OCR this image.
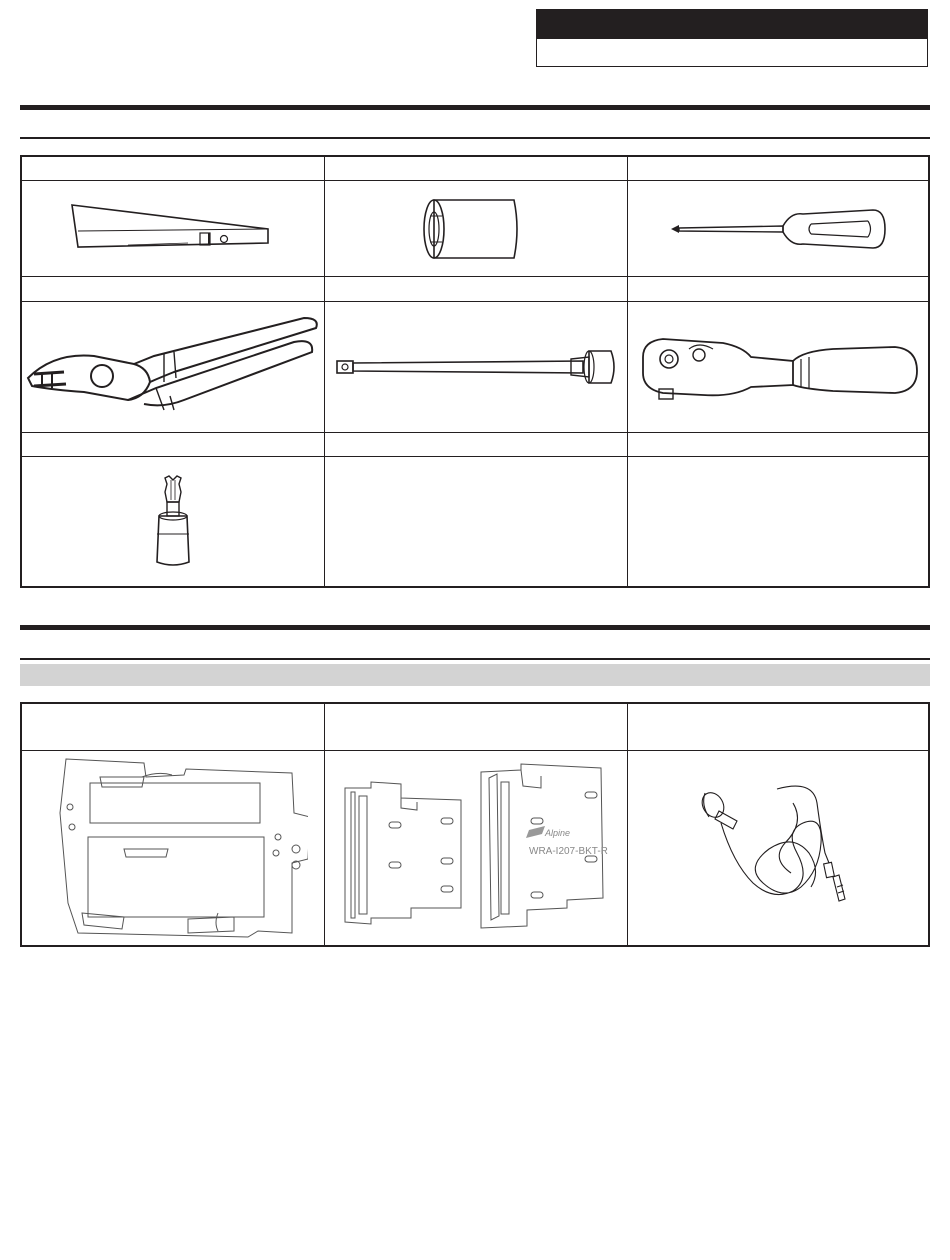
Alpine
WRA-I207-BKT-R
